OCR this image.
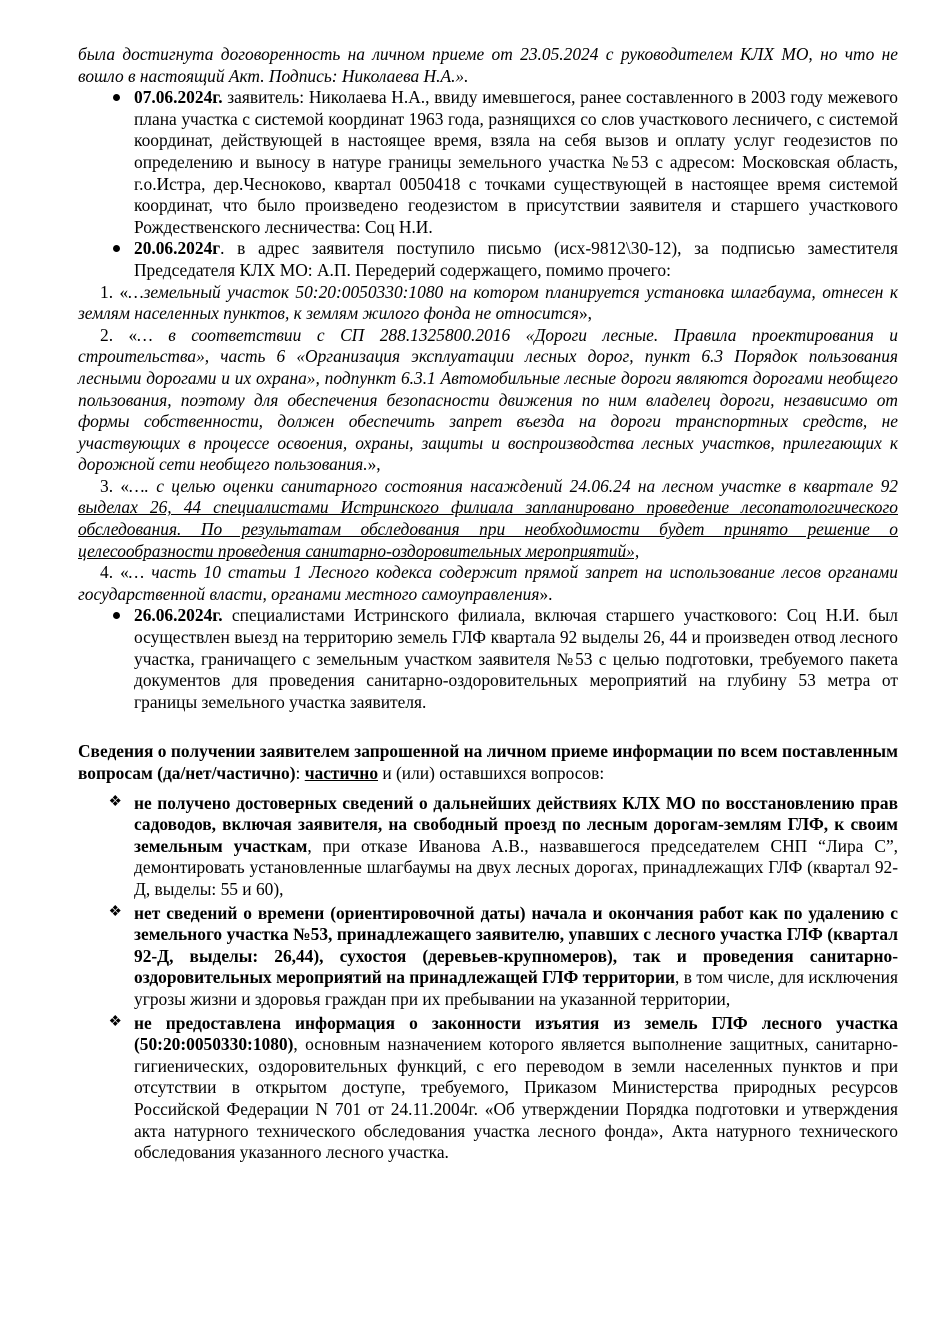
была достигнута договоренность на личном приеме от 23.05.2024 с руководителем КЛХ МО, но что не вошло в настоящий Акт. Подпись: Николаева Н.А.».

07.06.2024г. заявитель: Николаева Н.А., ввиду имевшегося, ранее составленного в 2003 году межевого плана участка с системой координат 1963 года, разнящихся со слов участкового лесничего, с системой координат, действующей в настоящее время, взяла на себя вызов и оплату услуг геодезистов по определению и выносу в натуре границы земельного участка №53 с адресом: Московская область, г.о.Истра, дер.Чесноково, квартал 0050418 с точками существующей в настоящее время системой координат, что было произведено геодезистом в присутствии заявителя и старшего участкового Рождественского лесничества: Соц Н.И.
20.06.2024г. в адрес заявителя поступило письмо (исх-9812\30-12), за подписью заместителя Председателя КЛХ МО: А.П. Передерий содержащего, помимо прочего:

1. «…земельный участок 50:20:0050330:1080 на котором планируется установка шлагбаума, отнесен к землям населенных пунктов, к землям жилого фонда не относится»,

2. «… в соответствии с СП 288.1325800.2016 «Дороги лесные. Правила проектирования и строительства», часть 6 «Организация эксплуатации лесных дорог, пункт 6.3 Порядок пользования лесными дорогами и их охрана», подпункт 6.3.1 Автомобильные лесные дороги являются дорогами необщего пользования, поэтому для обеспечения безопасности движения по ним владелец дороги, независимо от формы собственности, должен обеспечить запрет въезда на дороги транспортных средств, не участвующих в процессе освоения, охраны, защиты и воспроизводства лесных участков, прилегающих к дорожной сети необщего пользования.»,

3. «…. с целью оценки санитарного состояния насаждений 24.06.24 на лесном участке в квартале 92 выделах 26, 44 специалистами Истринского филиала запланировано проведение лесопатологического обследования. По результатам обследования при необходимости будет принято решение о целесообразности проведения санитарно-оздоровительных мероприятий»,

4. «… часть 10 статьи 1 Лесного кодекса содержит прямой запрет на использование лесов органами государственной власти, органами местного самоуправления».

26.06.2024г. специалистами Истринского филиала, включая старшего участкового: Соц Н.И. был осуществлен выезд на территорию земель ГЛФ квартала 92 выделы 26, 44 и произведен отвод лесного участка, граничащего с земельным участком заявителя №53 с целью подготовки, требуемого пакета документов для проведения санитарно-оздоровительных мероприятий на глубину 53 метра от границы земельного участка заявителя.

Сведения о получении заявителем запрошенной на личном приеме информации по всем поставленным вопросам (да/нет/частично): частично и (или) оставшихся вопросов:

❖ не получено достоверных сведений о дальнейших действиях КЛХ МО по восстановлению прав садоводов, включая заявителя, на свободный проезд по лесным дорогам-землям ГЛФ, к своим земельным участкам, при отказе Иванова А.В., назвавшегося председателем СНП “Лира С”, демонтировать установленные шлагбаумы на двух лесных дорогах, принадлежащих ГЛФ (квартал 92-Д, выделы: 55 и 60),
❖ нет сведений о времени (ориентировочной даты) начала и окончания работ как по удалению с земельного участка №53, принадлежащего заявителю, упавших с лесного участка ГЛФ (квартал 92-Д, выделы: 26,44), сухостоя (деревьев-крупномеров), так и проведения санитарно-оздоровительных мероприятий на принадлежащей ГЛФ территории, в том числе, для исключения угрозы жизни и здоровья граждан при их пребывании на указанной территории,
❖ не предоставлена информация о законности изъятия из земель ГЛФ лесного участка (50:20:0050330:1080), основным назначением которого является выполнение защитных, санитарно-гигиенических, оздоровительных функций, с его переводом в земли населенных пунктов и при отсутствии в открытом доступе, требуемого, Приказом Министерства природных ресурсов Российской Федерации N 701 от 24.11.2004г. «Об утверждении Порядка подготовки и утверждения акта натурного технического обследования участка лесного фонда», Акта натурного технического обследования указанного лесного участка.
